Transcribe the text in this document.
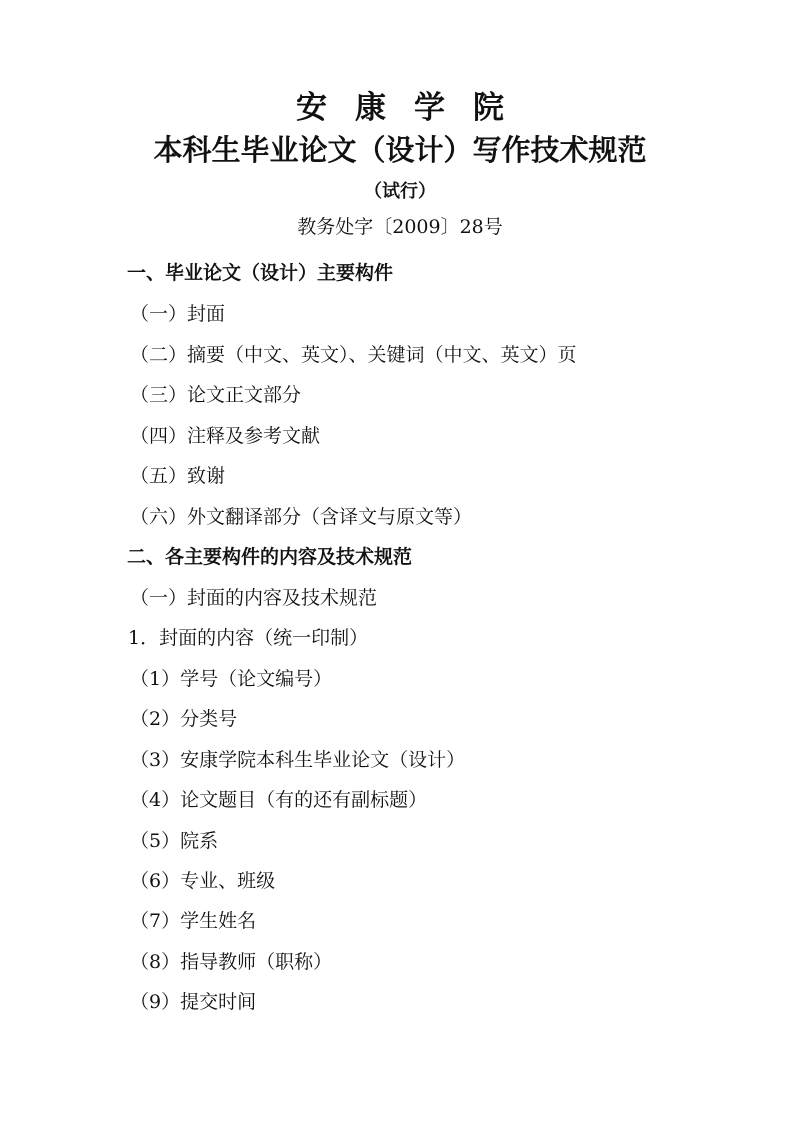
安康学院
本科生毕业论文（设计）写作技术规范
（试行）
教务处字〔2009〕28号
一、毕业论文（设计）主要构件
（一）封面
（二）摘要（中文、英文）、关键词（中文、英文）页
（三）论文正文部分
（四）注释及参考文献
（五）致谢
（六）外文翻译部分（含译文与原文等）
二、各主要构件的内容及技术规范
（一）封面的内容及技术规范
1．封面的内容（统一印制）
（1）学号（论文编号）
（2）分类号
（3）安康学院本科生毕业论文（设计）
（4）论文题目（有的还有副标题）
（5）院系
（6）专业、班级
（7）学生姓名
（8）指导教师（职称）
（9）提交时间
